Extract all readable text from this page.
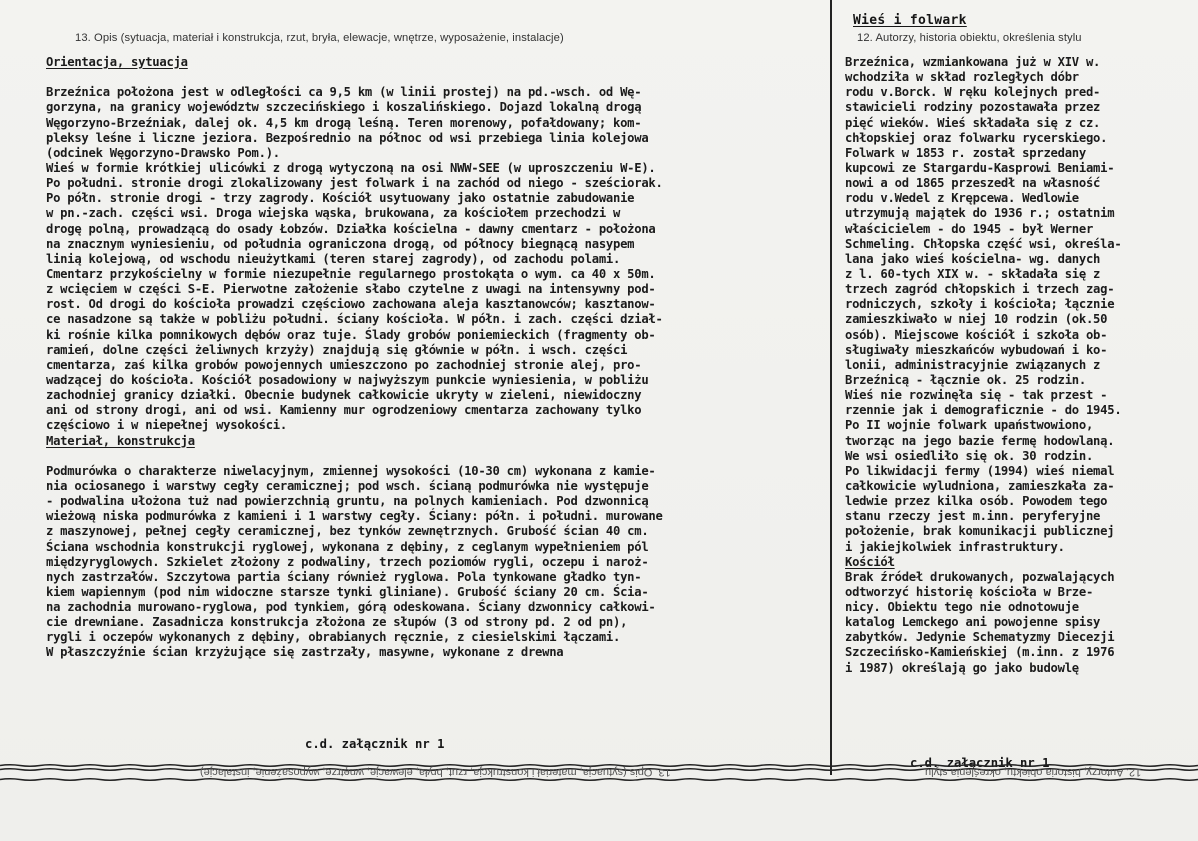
13. Opis (sytuacja, materiał i konstrukcja, rzut, bryła, elewacje, wnętrze, wyposażenie, instalacje)
Wieś i folwark
12. Autorzy, historia obiektu, określenia stylu
Orientacja, sytuacja

Brzeźnica położona jest w odległości ca 9,5 km (w linii prostej) na pd.-wsch. od Wę-
gorzyna, na granicy województw szczecińskiego i koszalińskiego. Dojazd lokalną drogą
Węgorzyno-Brzeźniak, dalej ok. 4,5 km drogą leśną. Teren morenowy, pofałdowany; kom-
pleksy leśne i liczne jeziora. Bezpośrednio na północ od wsi przebiega linia kolejowa
(odcinek Węgorzyno-Drawsko Pom.).
Wieś w formie krótkiej ulicówki z drogą wytyczoną na osi NWW-SEE (w uproszczeniu W-E).
Po południ. stronie drogi zlokalizowany jest folwark i na zachód od niego - sześciorak.
Po półn. stronie drogi - trzy zagrody. Kościół usytuowany jako ostatnie zabudowanie
w pn.-zach. części wsi. Droga wiejska wąska, brukowana, za kościołem przechodzi w
drogę polną, prowadzącą do osady Łobzów. Działka kościelna - dawny cmentarz - położona
na znacznym wyniesieniu, od południa ograniczona drogą, od północy biegnącą nasypem
linią kolejową, od wschodu nieużytkami (teren starej zagrody), od zachodu polami.
Cmentarz przykościelny w formie niezupełnie regularnego prostokąta o wym. ca 40 x 50m.
z wcięciem w części S-E. Pierwotne założenie słabo czytelne z uwagi na intensywny pod-
rost. Od drogi do kościoła prowadzi częściowo zachowana aleja kasztanowców; kasztanow-
ce nasadzone są także w pobliżu południ. ściany kościoła. W półn. i zach. części dział-
ki rośnie kilka pomnikowych dębów oraz tuje. Ślady grobów poniemieckich (fragmenty ob-
ramień, dolne części żeliwnych krzyży) znajdują się głównie w półn. i wsch. części
cmentarza, zaś kilka grobów powojennych umieszczono po zachodniej stronie alej, pro-
wadzącej do kościoła. Kościół posadowiony w najwyższym punkcie wyniesienia, w pobliżu
zachodniej granicy działki. Obecnie budynek całkowicie ukryty w zieleni, niewidoczny
ani od strony drogi, ani od wsi. Kamienny mur ogrodzeniowy cmentarza zachowany tylko
częściowo i w niepełnej wysokości.
Materiał, konstrukcja

Podmurówka o charakterze niwelacyjnym, zmiennej wysokości (10-30 cm) wykonana z kamie-
nia ociosanego i warstwy cegły ceramicznej; pod wsch. ścianą podmurówka nie występuje
- podwalina ułożona tuż nad powierzchnią gruntu, na polnych kamieniach. Pod dzwonnicą
wieżową niska podmurówka z kamieni i 1 warstwy cegły. Ściany: półn. i południ. murowane
z maszynowej, pełnej cegły ceramicznej, bez tynków zewnętrznych. Grubość ścian 40 cm.
Ściana wschodnia konstrukcji ryglowej, wykonana z dębiny, z ceglanym wypełnieniem pól
międzyryglowych. Szkielet złożony z podwaliny, trzech poziomów rygli, oczepu i naroż-
nych zastrzałów. Szczytowa partia ściany również ryglowa. Pola tynkowane gładko tyn-
kiem wapiennym (pod nim widoczne starsze tynki gliniane). Grubość ściany 20 cm. Ścia-
na zachodnia murowano-ryglowa, pod tynkiem, górą odeskowana. Ściany dzwonnicy całkowi-
cie drewniane. Zasadnicza konstrukcja złożona ze słupów (3 od strony pd. 2 od pn),
rygli i oczepów wykonanych z dębiny, obrabianych ręcznie, z ciesielskimi łączami.
W płaszczyźnie ścian krzyżujące się zastrzały, masywne, wykonane z drewna
c.d. załącznik nr 1
Brzeźnica, wzmiankowana już w XIV w.
wchodziła w skład rozległych dóbr
rodu v.Borck. W ręku kolejnych pred-
stawicieli rodziny pozostawała przez
pięć wieków. Wieś składała się z cz.
chłopskiej oraz folwarku rycerskiego.
Folwark w 1853 r. został sprzedany
kupcowi ze Stargardu-Kasprowi Beniami-
nowi a od 1865 przeszedł na własność
rodu v.Wedel z Krępcewa. Wedlowie
utrzymują majątek do 1936 r.; ostatnim
właścicielem - do 1945 - był Werner
Schmeling. Chłopska część wsi, określa-
lana jako wieś kościelna- wg. danych
z l. 60-tych XIX w. - składała się z
trzech zagród chłopskich i trzech zag-
rodniczych, szkoły i kościoła; łącznie
zamieszkiwało w niej 10 rodzin (ok.50
osób). Miejscowe kościół i szkoła ob-
sługiwały mieszkańców wybudowań i ko-
lonii, administracyjnie związanych z
Brzeźnicą - łącznie ok. 25 rodzin.
Wieś nie rozwinęła się - tak przest -
rzennie jak i demograficznie - do 1945.
Po II wojnie folwark upaństwowiono,
tworząc na jego bazie fermę hodowlaną.
We wsi osiedliło się ok. 30 rodzin.
Po likwidacji fermy (1994) wieś niemal
całkowicie wyludniona, zamieszkała za-
ledwie przez kilka osób. Powodem tego
stanu rzeczy jest m.inn. peryferyjne
położenie, brak komunikacji publicznej
i jakiejkolwiek infrastruktury.
Kościół
Brak źródeł drukowanych, pozwalających
odtworzyć historię kościoła w Brze-
nicy. Obiektu tego nie odnotowuje
katalog Lemckego ani powojenne spisy
zabytków. Jedynie Schematyzmy Diecezji
Szczecińsko-Kamieńskiej (m.inn. z 1976
i 1987) określają go jako budowlę
c.d. załącznik nr 1
13. Opis (sytuacja, materiał i konstrukcja, rzut, bryła, elewacje, wnętrze, wyposażenie, instalacje)	12. Autorzy, historia obiektu, określenia stylu
